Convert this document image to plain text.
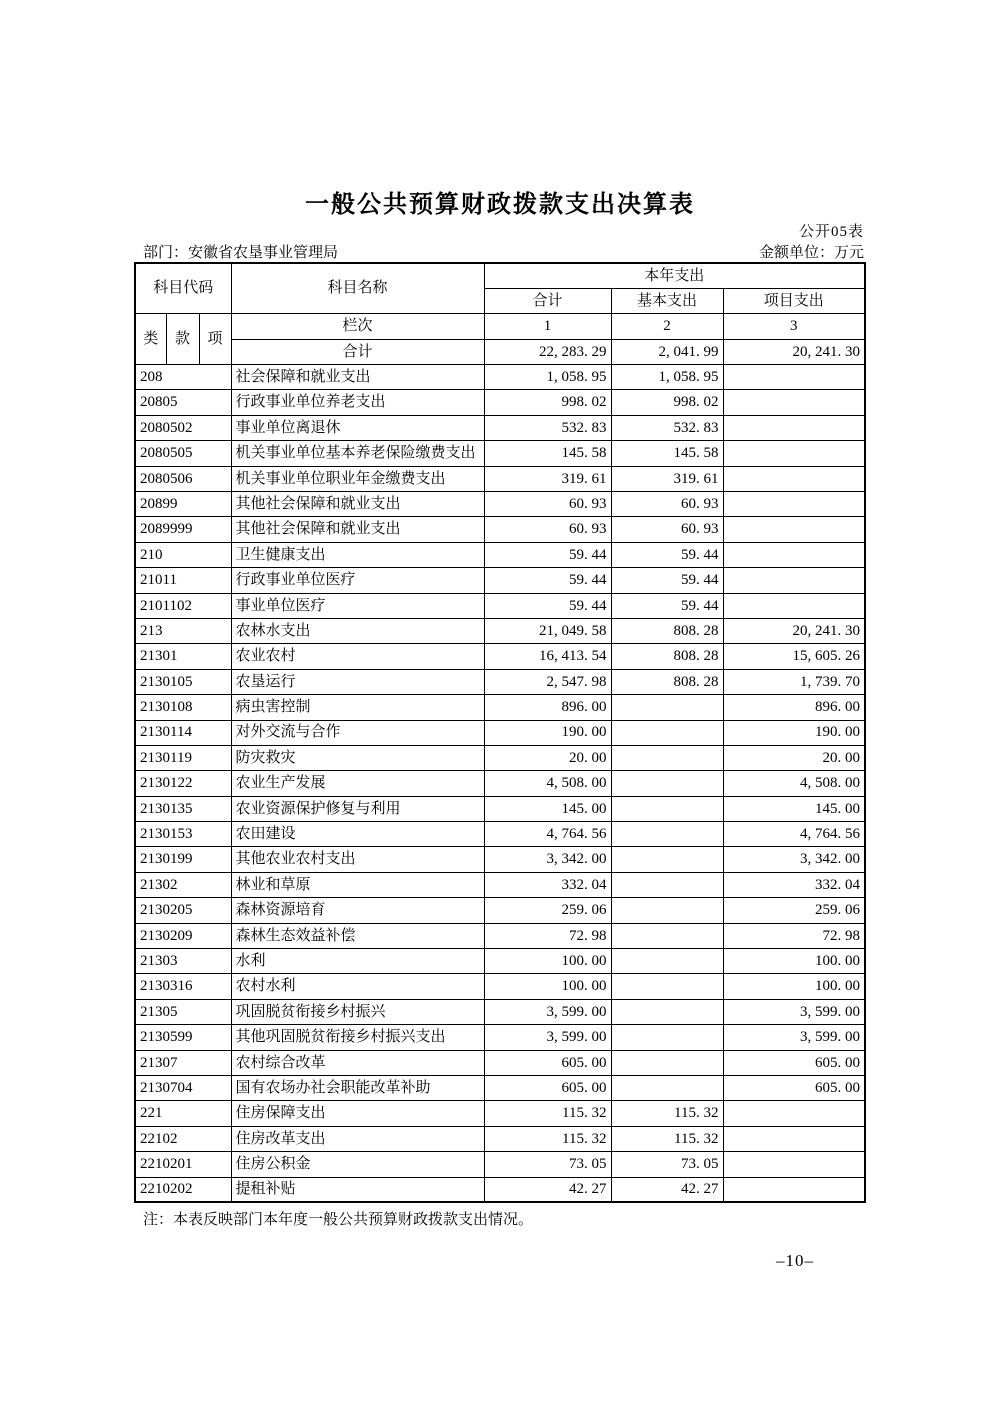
一般公共预算财政拨款支出决算表
公开05表
部门：安徽省农垦事业管理局	金额单位：万元
科目代码			科目名称	本年支出		
				合计	基本支出	项目支出
类	款	项	栏次	1	2	3
			合计	22, 283. 29	2, 041. 99	20, 241. 30
208			社会保障和就业支出	1, 058. 95	1, 058. 95	
20805			行政事业单位养老支出	998. 02	998. 02	
2080502			事业单位离退休	532. 83	532. 83	
2080505			机关事业单位基本养老保险缴费支出	145. 58	145. 58	
2080506			机关事业单位职业年金缴费支出	319. 61	319. 61	
20899			其他社会保障和就业支出	60. 93	60. 93	
2089999			其他社会保障和就业支出	60. 93	60. 93	
210			卫生健康支出	59. 44	59. 44	
21011			行政事业单位医疗	59. 44	59. 44	
2101102			事业单位医疗	59. 44	59. 44	
213			农林水支出	21, 049. 58	808. 28	20, 241. 30
21301			农业农村	16, 413. 54	808. 28	15, 605. 26
2130105			农垦运行	2, 547. 98	808. 28	1, 739. 70
2130108			病虫害控制	896. 00		896. 00
2130114			对外交流与合作	190. 00		190. 00
2130119			防灾救灾	20. 00		20. 00
2130122			农业生产发展	4, 508. 00		4, 508. 00
2130135			农业资源保护修复与利用	145. 00		145. 00
2130153			农田建设	4, 764. 56		4, 764. 56
2130199			其他农业农村支出	3, 342. 00		3, 342. 00
21302			林业和草原	332. 04		332. 04
2130205			森林资源培育	259. 06		259. 06
2130209			森林生态效益补偿	72. 98		72. 98
21303			水利	100. 00		100. 00
2130316			农村水利	100. 00		100. 00
21305			巩固脱贫衔接乡村振兴	3, 599. 00		3, 599. 00
2130599			其他巩固脱贫衔接乡村振兴支出	3, 599. 00		3, 599. 00
21307			农村综合改革	605. 00		605. 00
2130704			国有农场办社会职能改革补助	605. 00		605. 00
221			住房保障支出	115. 32	115. 32	
22102			住房改革支出	115. 32	115. 32	
2210201			住房公积金	73. 05	73. 05	
2210202			提租补贴	42. 27	42. 27	
注：本表反映部门本年度一般公共预算财政拨款支出情况。
–10–
